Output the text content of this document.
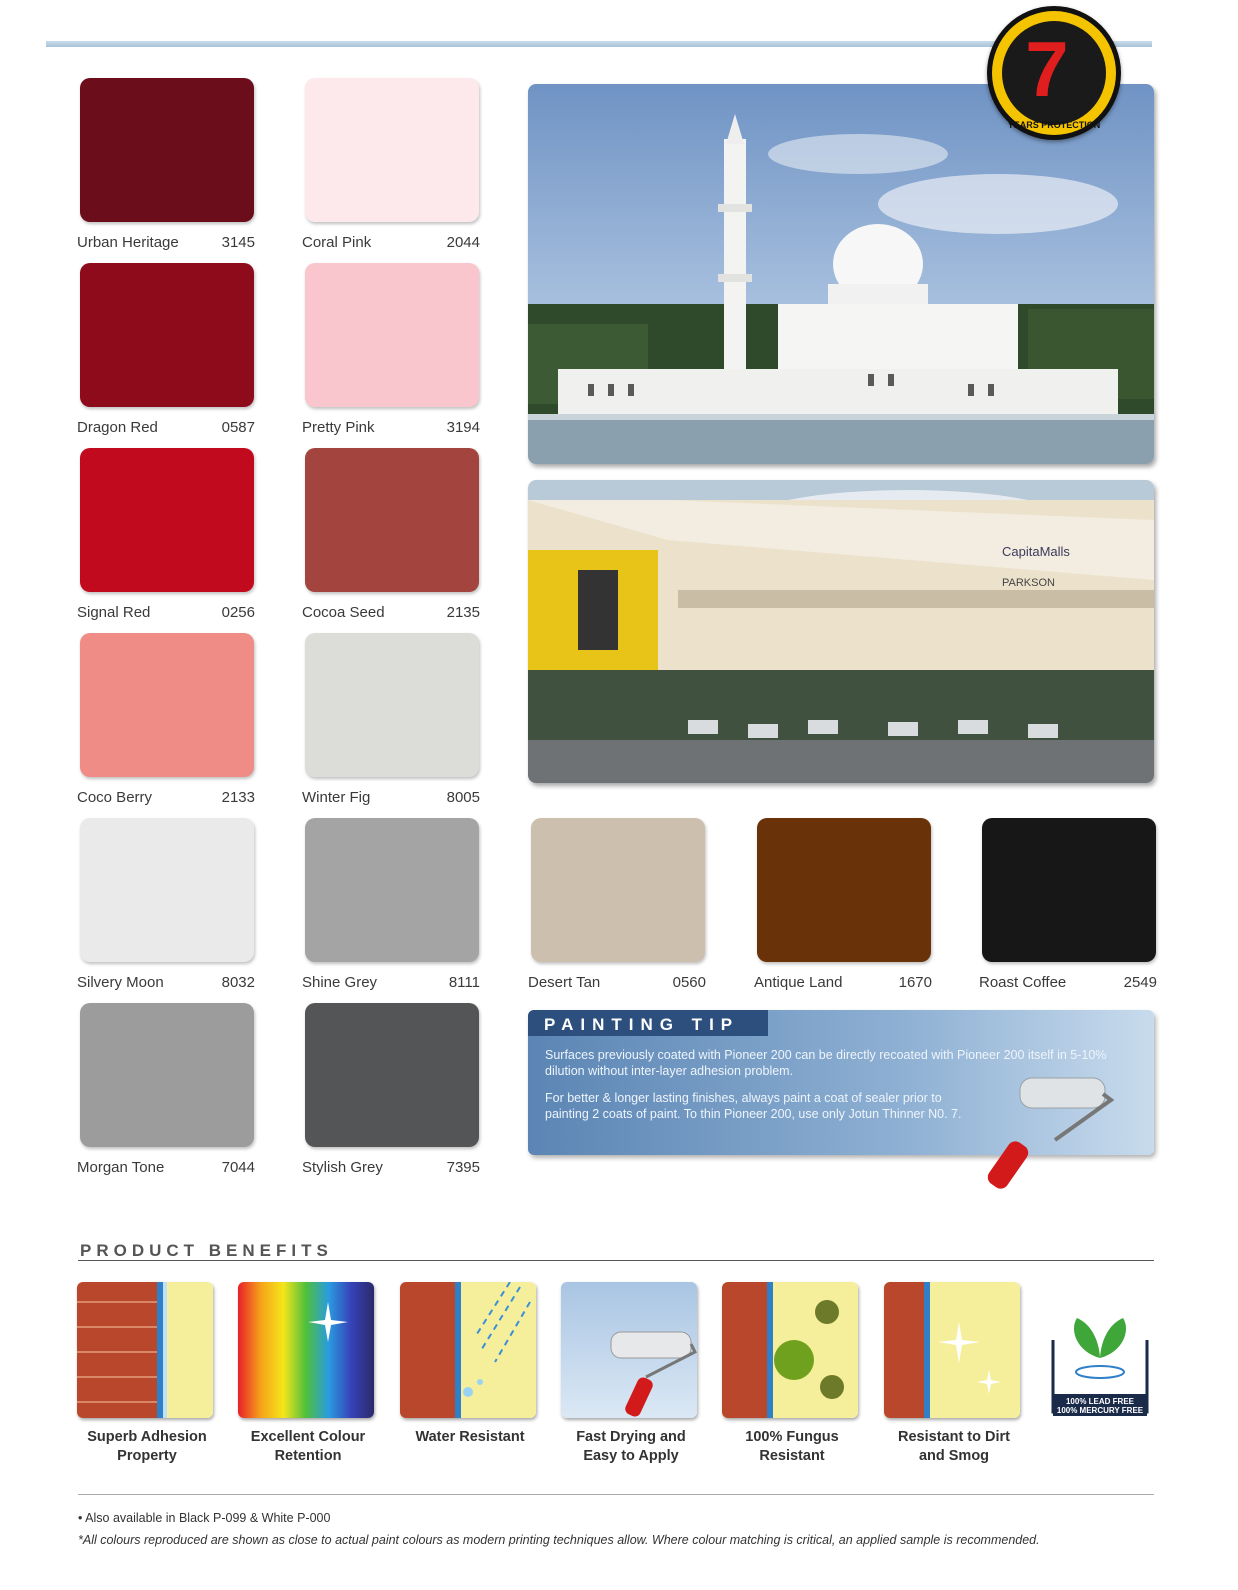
Urban Heritage	3145
Dragon Red	0587
Signal Red	0256
Coco Berry	2133
Silvery Moon	8032
Morgan Tone	7044
Coral Pink	2044
Pretty Pink	3194
Cocoa Seed	2135
Winter Fig	8005
Shine Grey	8111
Stylish Grey	7395
Desert Tan	0560	Antique Land	1670	Roast Coffee	2549
7
YEARS PROTECTION
CapitaMalls
PARKSON
PAINTING TIP
Surfaces previously coated with Pioneer 200 can be directly recoated with Pioneer 200 itself in 5-10% dilution without inter-layer adhesion problem.
For better & longer lasting finishes, always paint a coat of sealer prior to painting 2 coats of paint. To thin Pioneer 200, use only Jotun Thinner N0. 7.
PRODUCT BENEFITS
Superb Adhesion
Property
Excellent Colour
Retention
Water Resistant	Fast Drying and
Easy to Apply
100% Fungus
Resistant
Resistant to Dirt
and Smog
100% LEAD FREE
100% MERCURY FREE
• Also available in Black P-099 & White P-000
*All colours reproduced are shown as close to actual paint colours as modern printing techniques allow. Where colour matching is critical, an applied sample is recommended.
